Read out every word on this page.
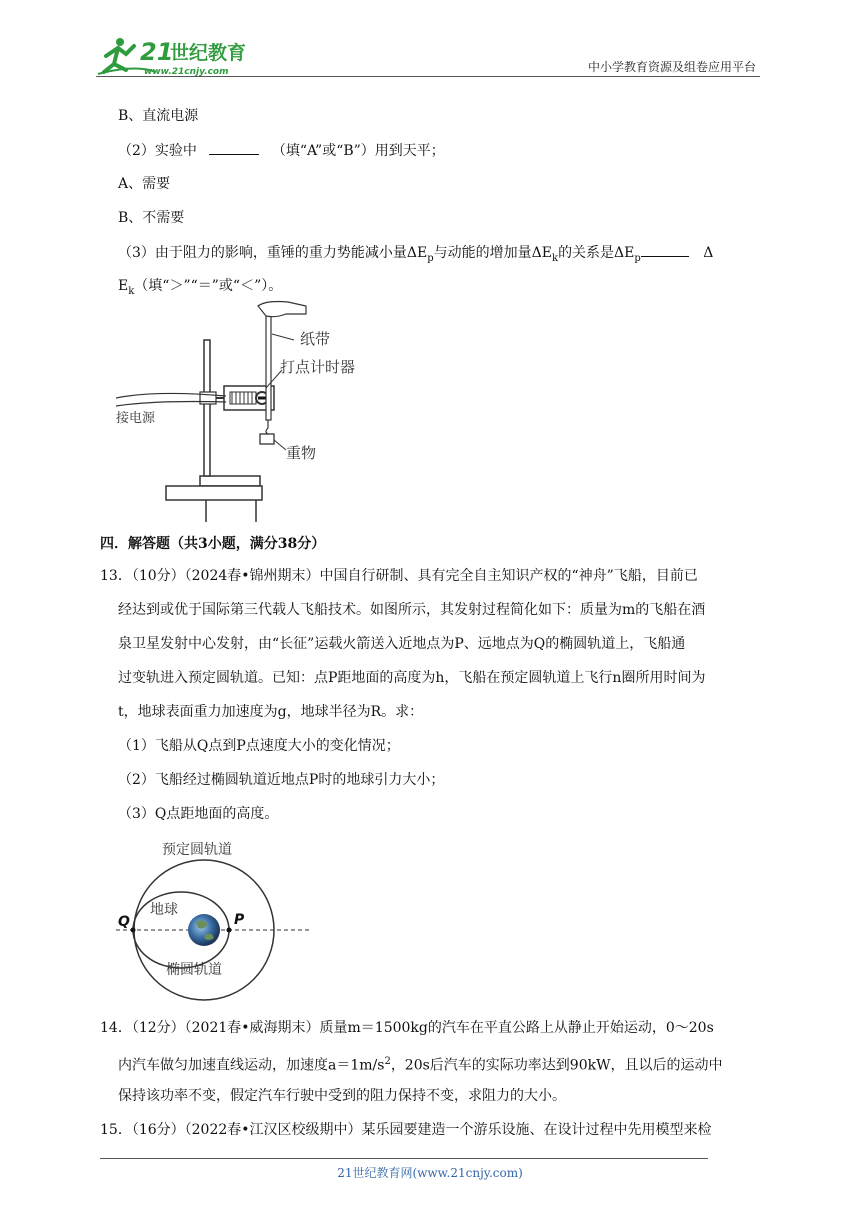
21
世纪教育
www.21cnjy.com	中小学教育资源及组卷应用平台
B、直流电源
（2）实验中	（填“A”或“B”）用到天平；
A、需要
B、不需要
（3）由于阻力的影响，重锤的重力势能减小量$\Delta E_p$与动能的增加量$\Delta E_k$的关系是$\Delta E_p$	Δ
$E_k$（填“＞”“＝”或“＜”）。
纸带
打点计时器
接电源
重物
四．解答题（共3小题，满分38分）
13．（10分）（2024春•锦州期末）中国自行研制、具有完全自主知识产权的“神舟”飞船，目前已
经达到或优于国际第三代载人飞船技术。如图所示，其发射过程简化如下：质量为m的飞船在酒
泉卫星发射中心发射，由“长征”运载火箭送入近地点为P、远地点为Q的椭圆轨道上，飞船通
过变轨进入预定圆轨道。已知：点P距地面的高度为h，飞船在预定圆轨道上飞行n圈所用时间为
t，地球表面重力加速度为g，地球半径为R。求：
（1）飞船从Q点到P点速度大小的变化情况；
（2）飞船经过椭圆轨道近地点P时的地球引力大小；
（3）Q点距地面的高度。
预定圆轨道
Q	P
地球
椭圆轨道
14．（12分）（2021春•威海期末）质量m＝1500kg的汽车在平直公路上从静止开始运动，0～20s
内汽车做匀加速直线运动，加速度$a=1m/s^2$，20s后汽车的实际功率达到90kW，且以后的运动中
保持该功率不变，假定汽车行驶中受到的阻力保持不变，求阻力的大小。
15．（16分）（2022春•江汉区校级期中）某乐园要建造一个游乐设施、在设计过程中先用模型来检
21世纪教育网(www.21cnjy.com)
